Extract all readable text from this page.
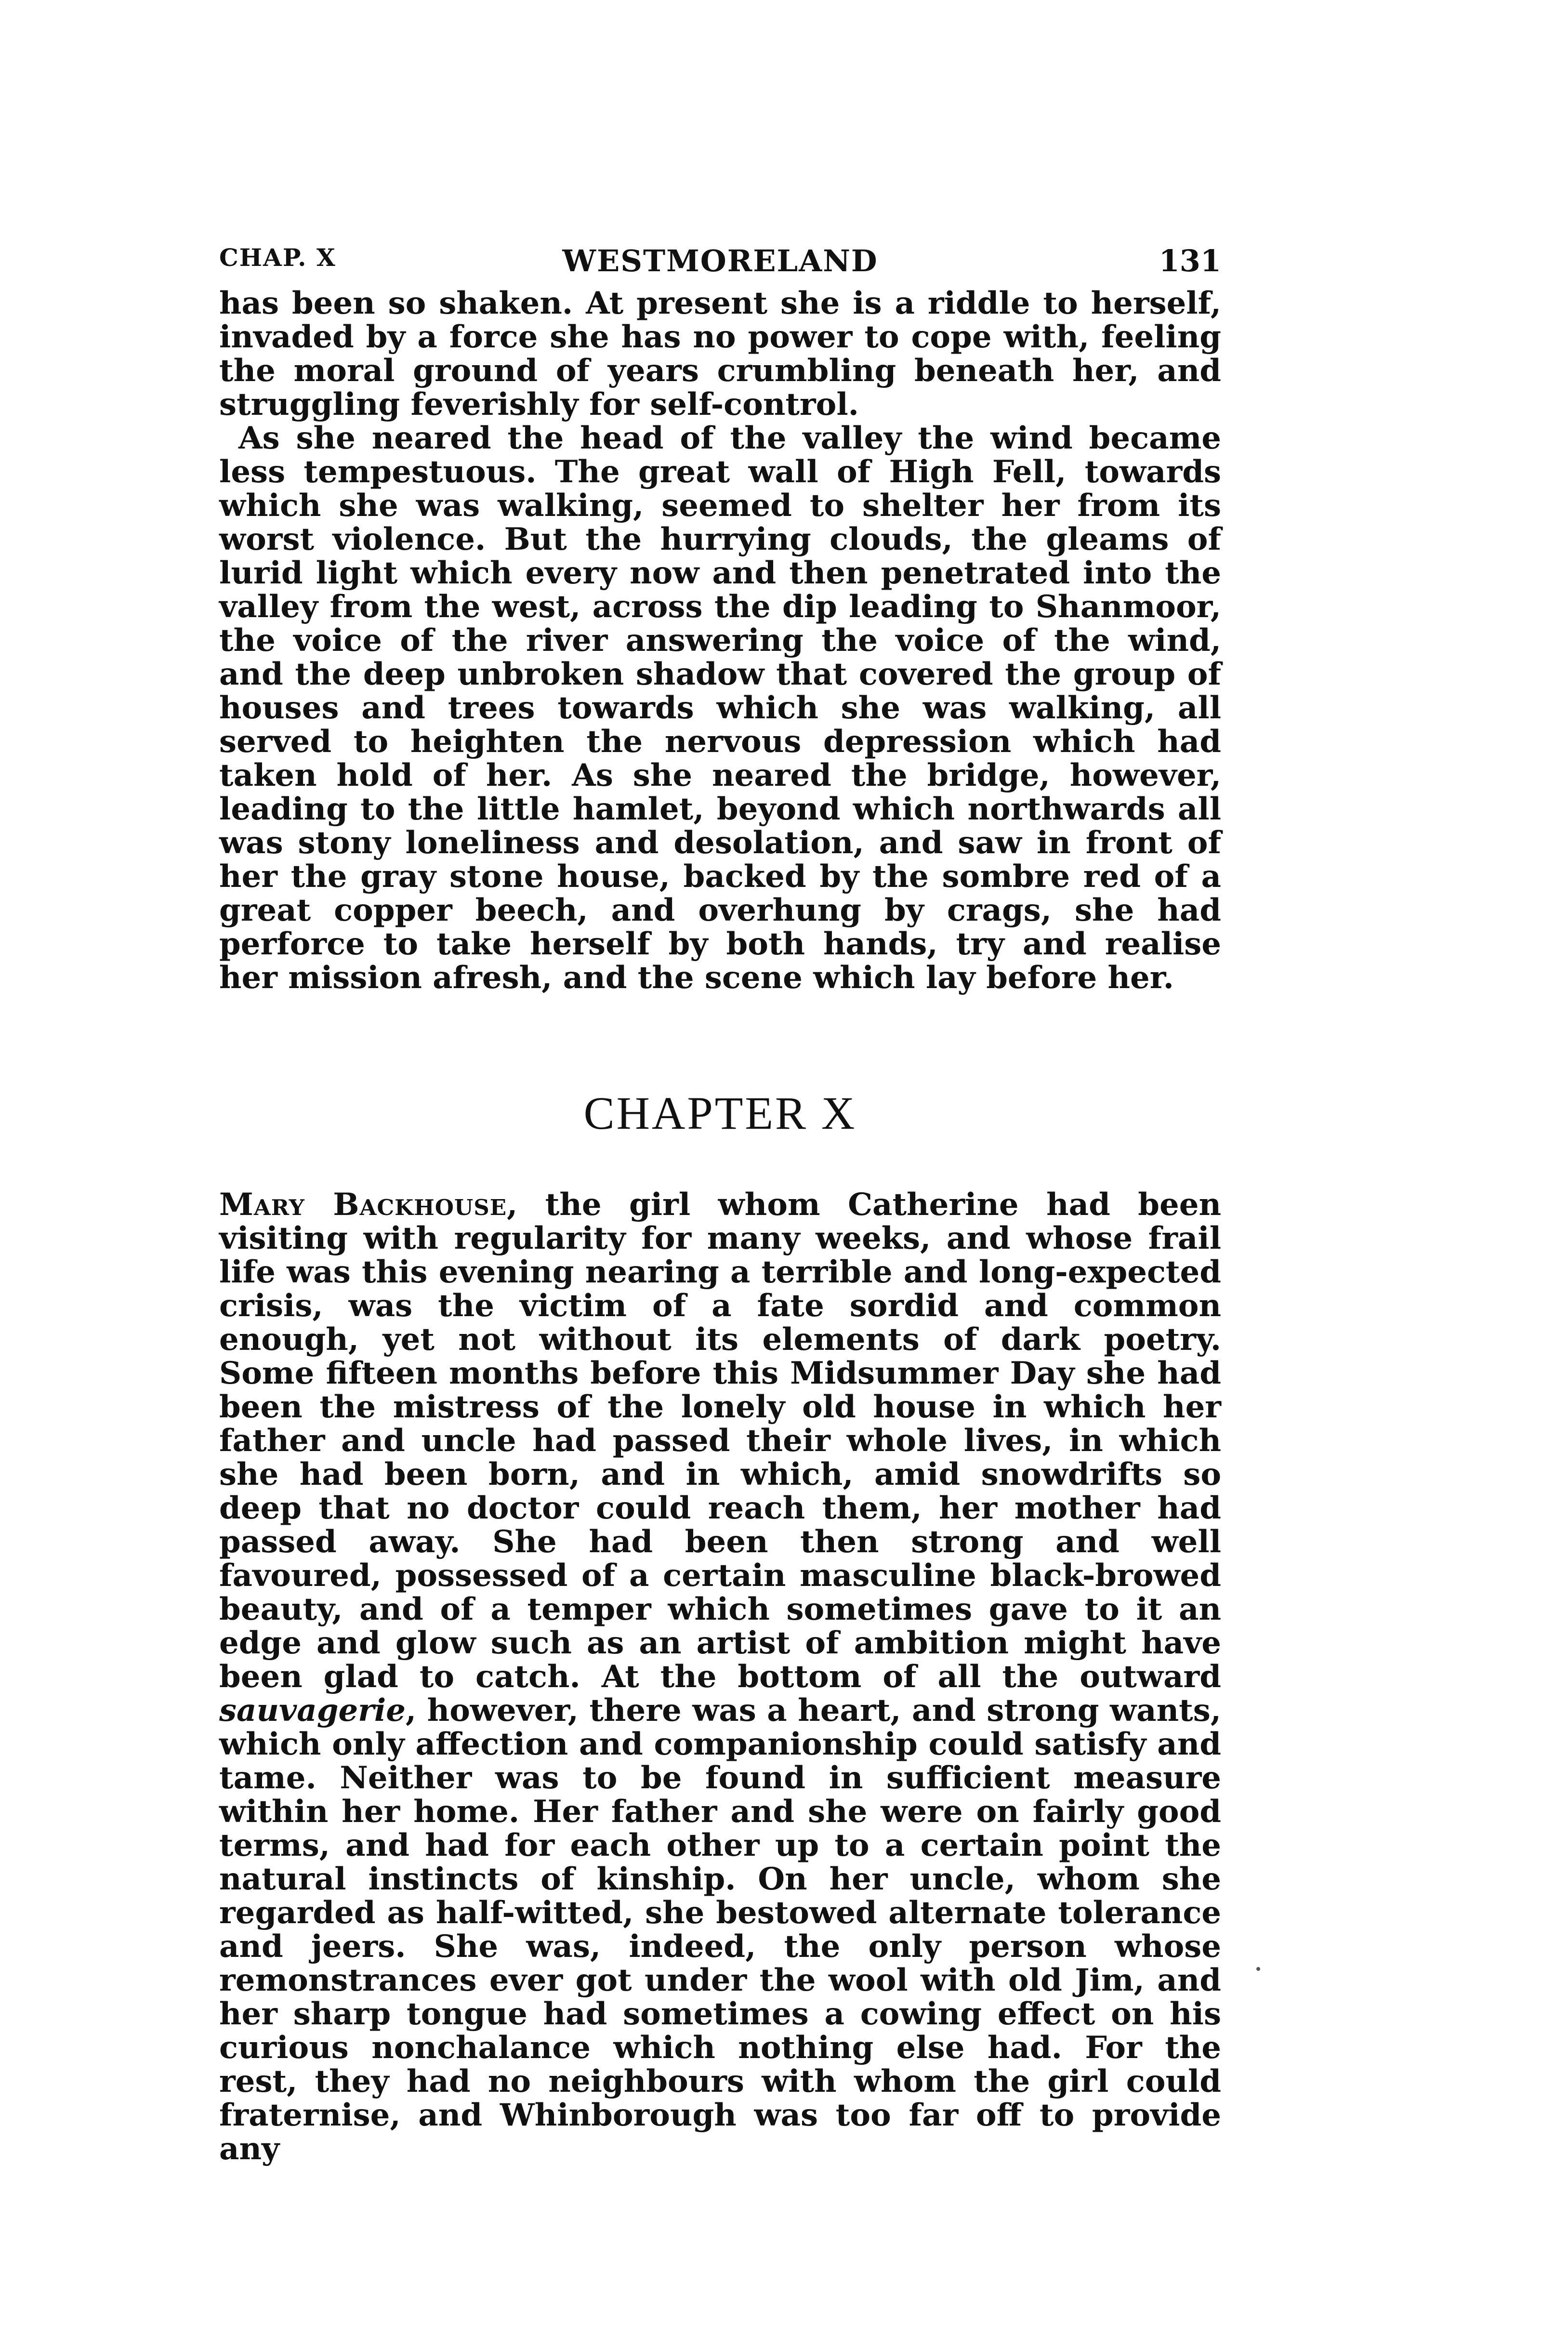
CHAP. X	WESTMORELAND	131

has been so shaken. At present she is a riddle to herself, invaded by a force she has no power to cope with, feeling the moral ground of years crumbling beneath her, and struggling feverishly for self-control.

As she neared the head of the valley the wind became less tempestuous. The great wall of High Fell, towards which she was walking, seemed to shelter her from its worst violence. But the hurrying clouds, the gleams of lurid light which every now and then penetrated into the valley from the west, across the dip leading to Shanmoor, the voice of the river answering the voice of the wind, and the deep unbroken shadow that covered the group of houses and trees towards which she was walking, all served to heighten the nervous depression which had taken hold of her. As she neared the bridge, however, leading to the little hamlet, beyond which northwards all was stony loneliness and desolation, and saw in front of her the gray stone house, backed by the sombre red of a great copper beech, and overhung by crags, she had perforce to take herself by both hands, try and realise her mission afresh, and the scene which lay before her.

CHAPTER X

Mary Backhouse, the girl whom Catherine had been visiting with regularity for many weeks, and whose frail life was this evening nearing a terrible and long-expected crisis, was the victim of a fate sordid and common enough, yet not without its elements of dark poetry. Some fifteen months before this Midsummer Day she had been the mistress of the lonely old house in which her father and uncle had passed their whole lives, in which she had been born, and in which, amid snowdrifts so deep that no doctor could reach them, her mother had passed away. She had been then strong and well favoured, possessed of a certain masculine black-browed beauty, and of a temper which sometimes gave to it an edge and glow such as an artist of ambition might have been glad to catch. At the bottom of all the outward sauvagerie, however, there was a heart, and strong wants, which only affection and companionship could satisfy and tame. Neither was to be found in sufficient measure within her home. Her father and she were on fairly good terms, and had for each other up to a certain point the natural instincts of kinship. On her uncle, whom she regarded as half-witted, she bestowed alternate tolerance and jeers. She was, indeed, the only person whose remonstrances ever got under the wool with old Jim, and her sharp tongue had sometimes a cowing effect on his curious nonchalance which nothing else had. For the rest, they had no neighbours with whom the girl could fraternise, and Whinborough was too far off to provide any
